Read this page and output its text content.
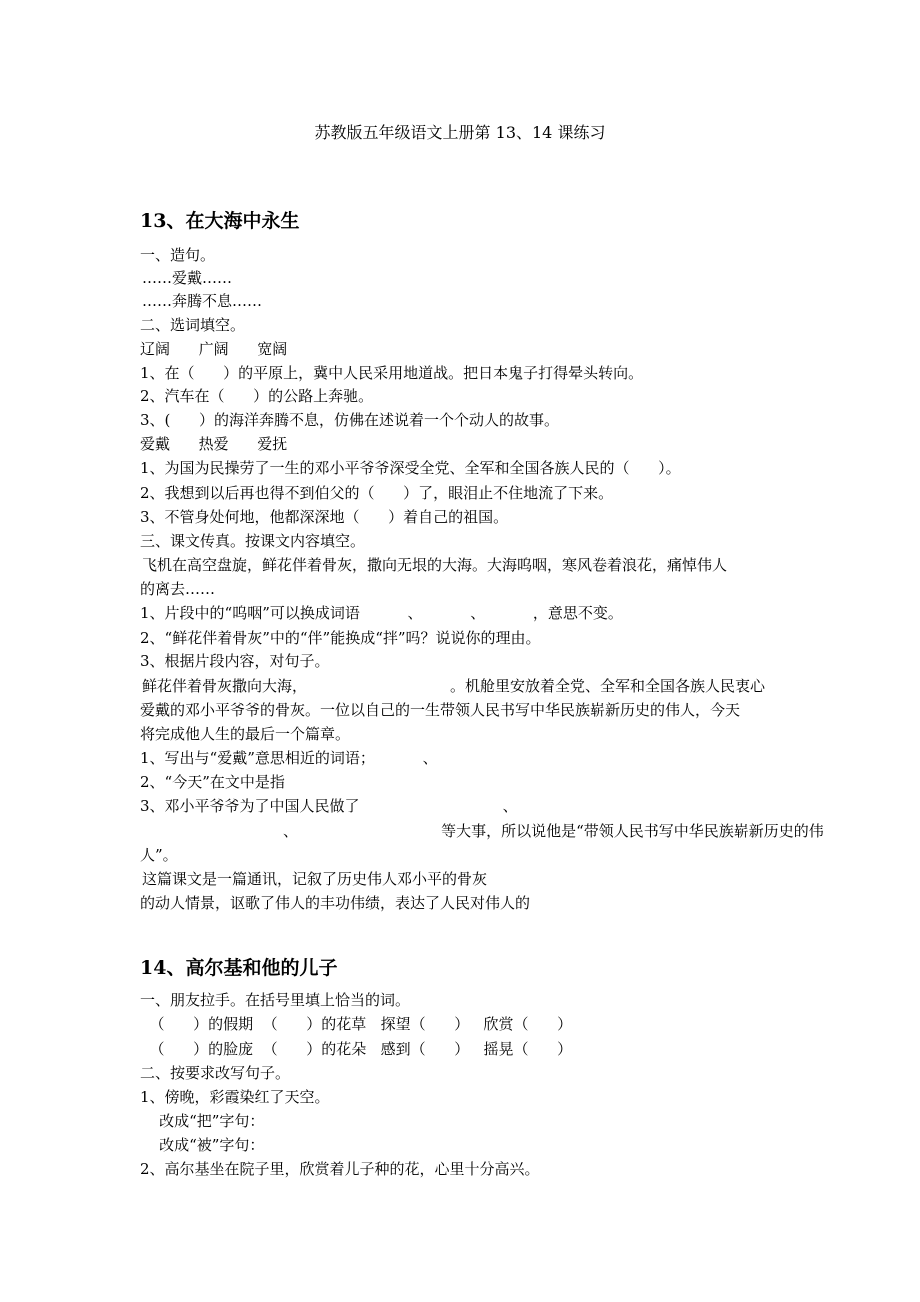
苏教版五年级语文上册第 13、14 课练习
13、在大海中永生
一、造句。
……爱戴……
……奔腾不息……
二、选词填空。
辽阔      广阔      宽阔
1、在（      ）的平原上，冀中人民采用地道战。把日本鬼子打得晕头转向。
2、汽车在（      ）的公路上奔驰。
3、(      ）的海洋奔腾不息，仿佛在述说着一个个动人的故事。
爱戴      热爱      爱抚
1、为国为民操劳了一生的邓小平爷爷深受全党、全军和全国各族人民的（      ）。
2、我想到以后再也得不到伯父的（      ）了，眼泪止不住地流了下来。
3、不管身处何地，他都深深地（      ）着自己的祖国。
三、课文传真。按课文内容填空。
飞机在高空盘旋，鲜花伴着骨灰，撒向无垠的大海。大海呜咽，寒风卷着浪花，痛悼伟人
的离去……
1、片段中的“呜咽”可以换成词语          、          、          ，意思不变。
2、“鲜花伴着骨灰”中的“伴”能换成“拌”吗？说说你的理由。
3、根据片段内容，对句子。
鲜花伴着骨灰撒向大海，                              。机舱里安放着全党、全军和全国各族人民衷心
爱戴的邓小平爷爷的骨灰。一位以自己的一生带领人民书写中华民族崭新历史的伟人，今天
将完成他人生的最后一个篇章。
1、写出与“爱戴”意思相近的词语；          、
2、“今天”在文中是指
3、邓小平爷爷为了中国人民做了                              、
、                              等大事，所以说他是“带领人民书写中华民族崭新历史的伟
人”。
这篇课文是一篇通讯，记叙了历史伟人邓小平的骨灰
的动人情景，讴歌了伟人的丰功伟绩，表达了人民对伟人的
14、高尔基和他的儿子
一、朋友拉手。在括号里填上恰当的词。
（      ）的假期  （      ）的花草   探望（      ）   欣赏（      ）
（      ）的脸庞  （      ）的花朵   感到（      ）   摇晃（      ）
二、按要求改写句子。
1、傍晚，彩霞染红了天空。
改成“把”字句：
改成“被”字句：
2、高尔基坐在院子里，欣赏着儿子种的花，心里十分高兴。
